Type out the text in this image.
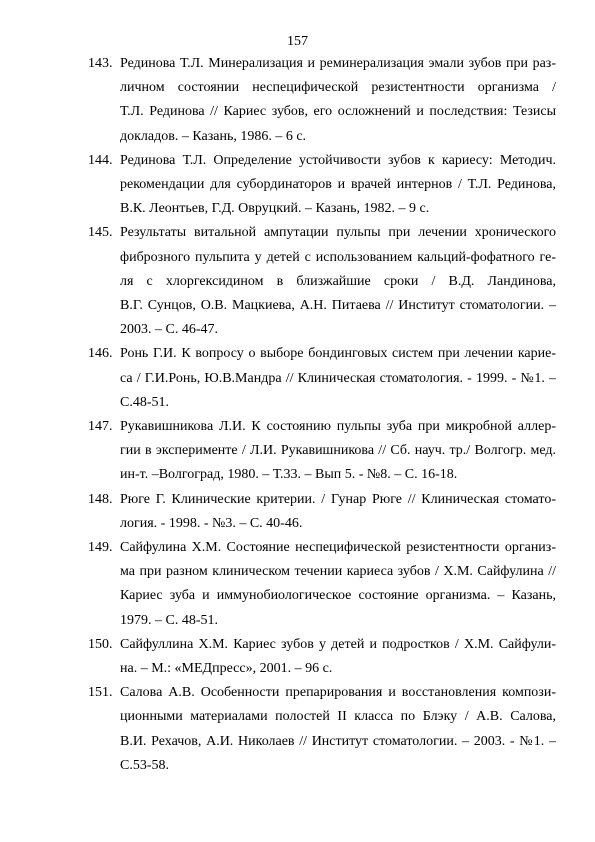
157
143. Рединова Т.Л. Минерализация и реминерализация эмали зубов при раз-
личном состоянии неспецифической резистентности организма /
Т.Л. Рединова // Кариес зубов, его осложнений и последствия: Тезисы
докладов. – Казань, 1986. – 6 с.
144. Рединова Т.Л. Определение устойчивости зубов к кариесу: Методич.
рекомендации для субординаторов и врачей интернов / Т.Л. Рединова,
В.К. Леонтьев, Г.Д. Овруцкий. – Казань, 1982. – 9 с.
145. Результаты витальной ампутации пульпы при лечении хронического
фиброзного пульпита у детей с использованием кальций-фофатного ге-
ля с хлоргексидином в близжайшие сроки / В.Д. Ландинова,
В.Г. Сунцов, О.В. Мацкиева, А.Н. Питаева // Институт стоматологии. –
2003. – С. 46-47.
146. Ронь Г.И. К вопросу о выборе бондинговых систем при лечении карие-
са / Г.И.Ронь, Ю.В.Мандра // Клиническая стоматология. - 1999. - №1. –
С.48-51.
147. Рукавишникова Л.И. К состоянию пульпы зуба при микробной аллер-
гии в эксперименте / Л.И. Рукавишникова // Сб. науч. тр./ Волгогр. мед.
ин-т. –Волгоград, 1980. – Т.33. – Вып 5. - №8. – С. 16-18.
148. Рюге Г. Клинические критерии. / Гунар Рюге // Клиническая стомато-
логия. - 1998. - №3. – С. 40-46.
149. Сайфулина Х.М. Состояние неспецифической резистентности организ-
ма при разном клиническом течении кариеса зубов / Х.М. Сайфулина //
Кариес зуба и иммунобиологическое состояние организма. – Казань,
1979. – С. 48-51.
150. Сайфуллина Х.М. Кариес зубов у детей и подростков / Х.М. Сайфули-
на. – М.: «МЕДпресс», 2001. – 96 с.
151. Салова А.В. Особенности препарирования и восстановления компози-
ционными материалами полостей II класса по Блэку / А.В. Салова,
В.И. Рехачов, А.И. Николаев // Институт стоматологии. – 2003. - №1. –
С.53-58.
